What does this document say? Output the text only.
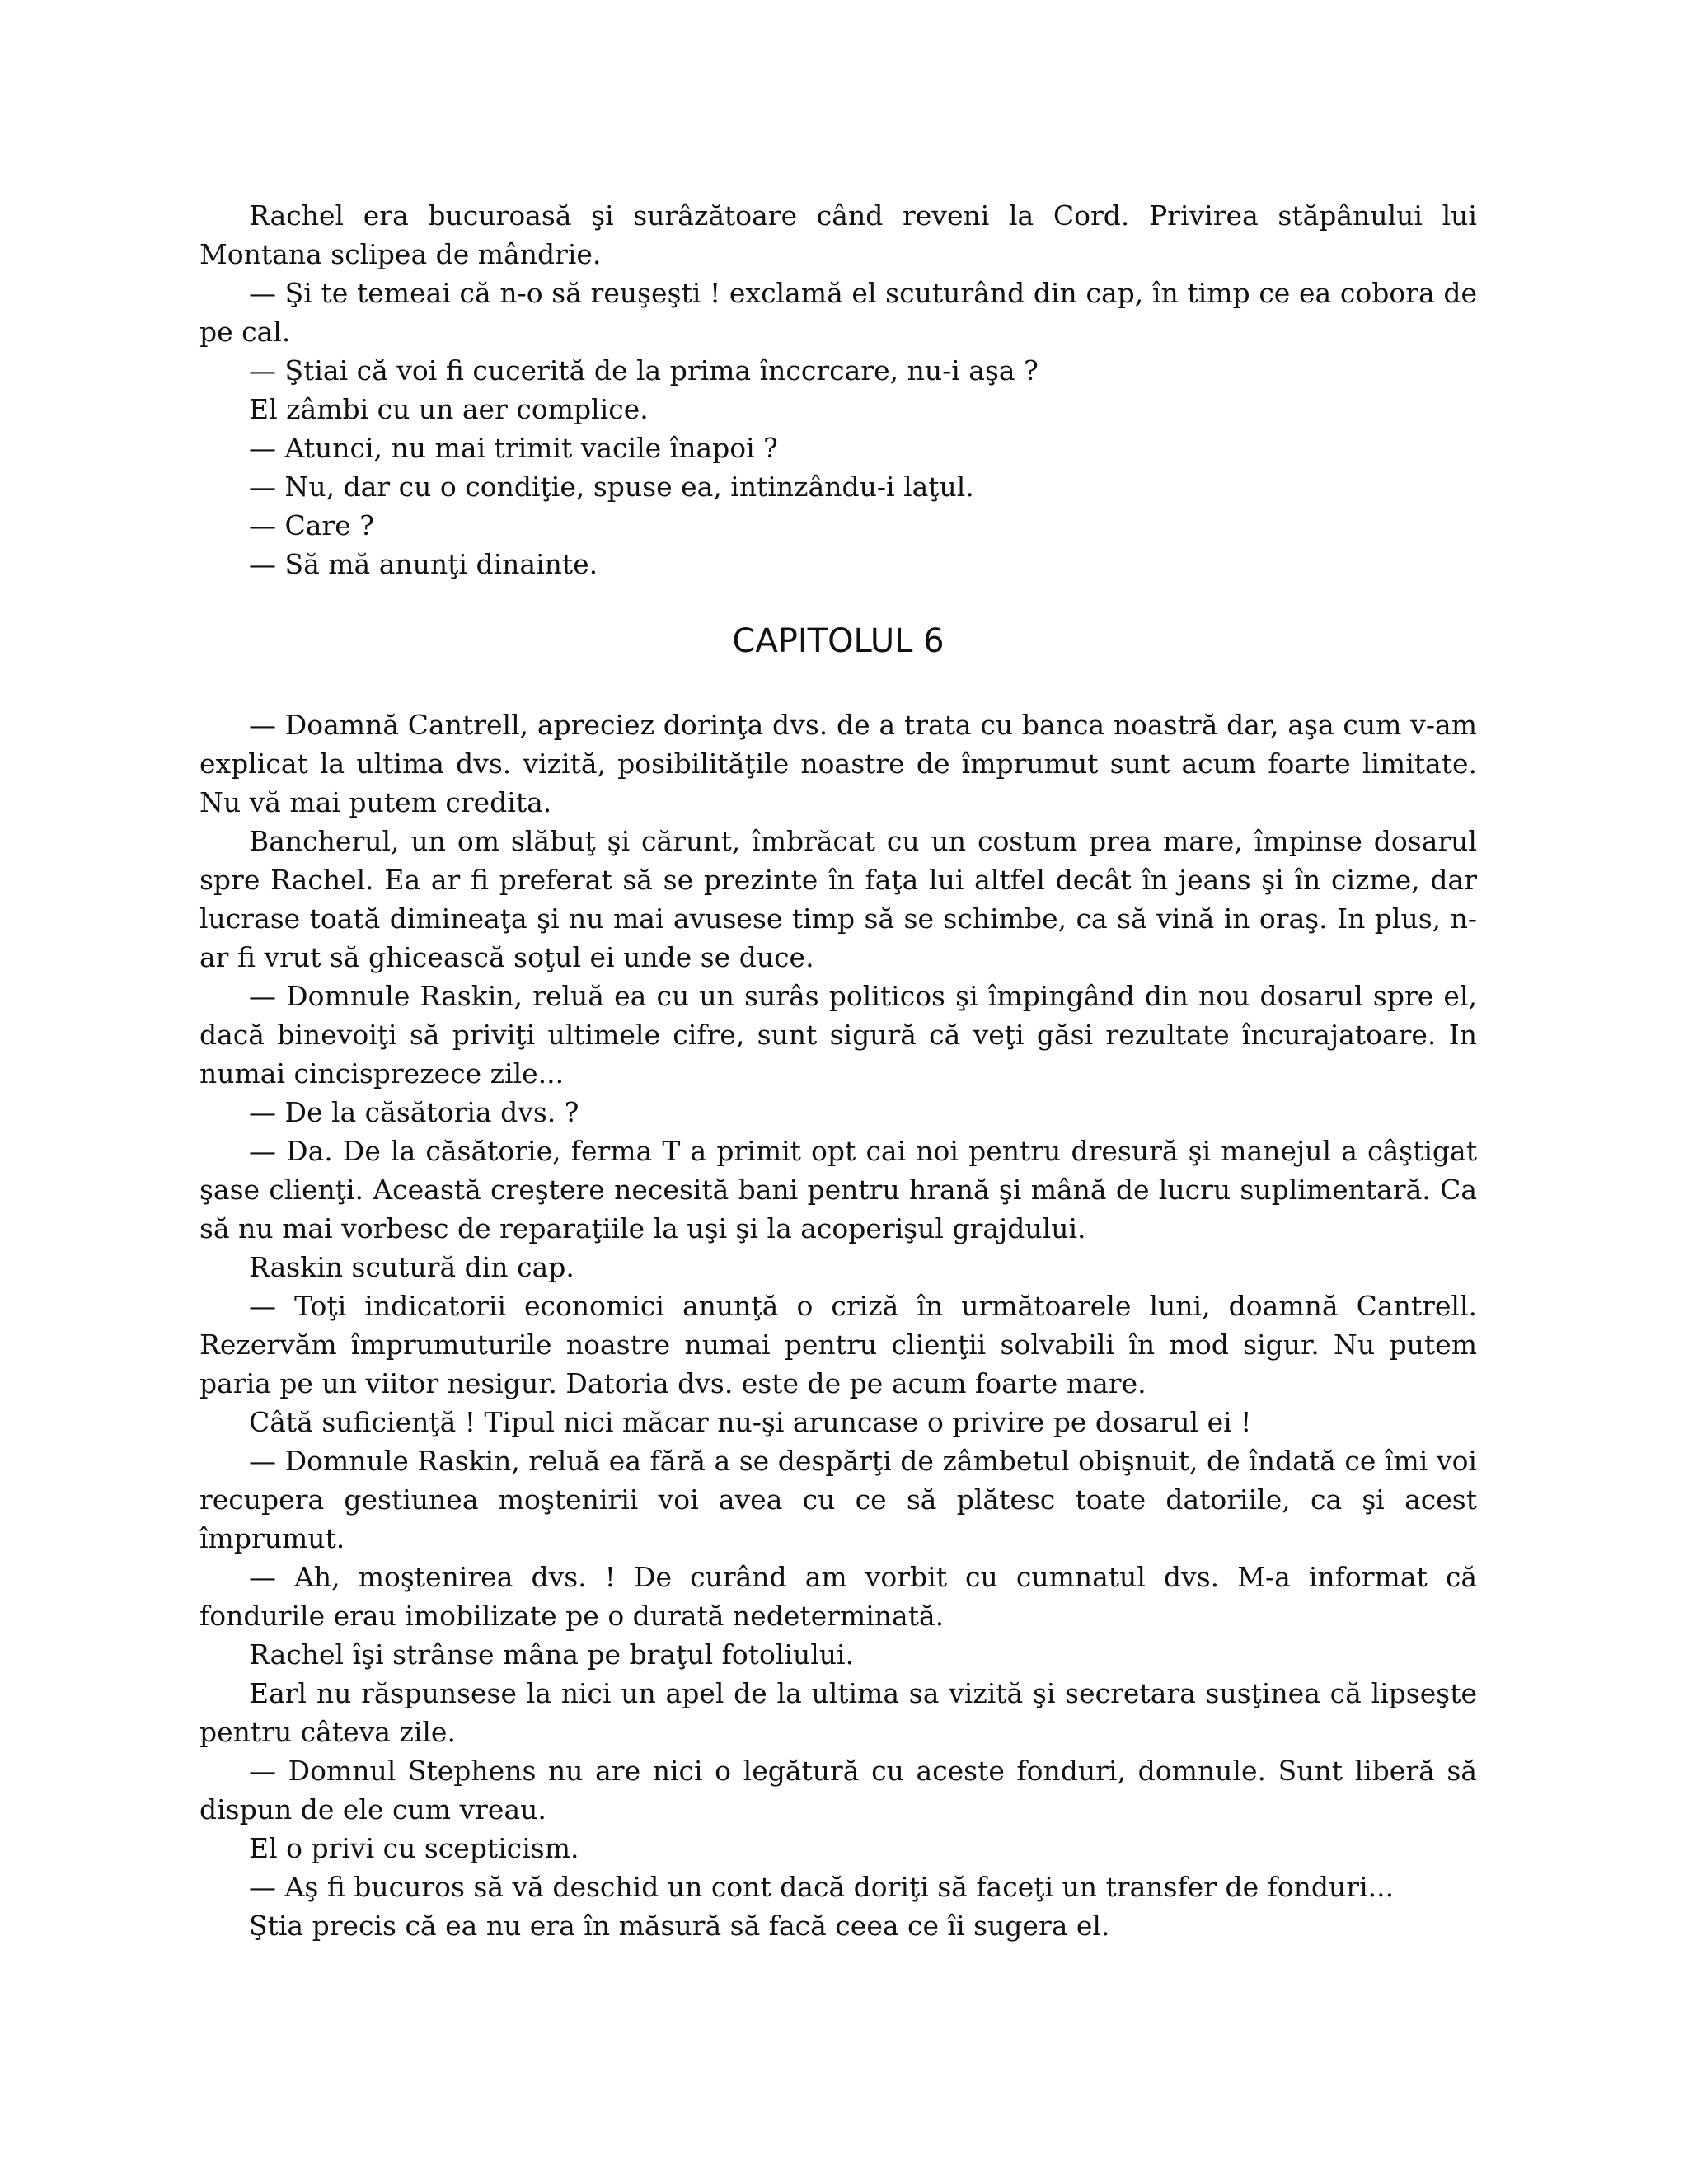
Rachel era bucuroasă şi surâzătoare când reveni la Cord. Privirea stăpânului lui Montana sclipea de mândrie.

— Şi te temeai că n-o să reuşeşti ! exclamă el scuturând din cap, în timp ce ea cobora de pe cal.

— Ştiai că voi fi cucerită de la prima înccrcare, nu-i aşa ?

El zâmbi cu un aer complice.

— Atunci, nu mai trimit vacile înapoi ?

— Nu, dar cu o condiţie, spuse ea, intinzându-i laţul.

— Care ?

— Să mă anunţi dinainte.

CAPITOLUL 6

— Doamnă Cantrell, apreciez dorinţa dvs. de a trata cu banca noastră dar, aşa cum v-am explicat la ultima dvs. vizită, posibilităţile noastre de împrumut sunt acum foarte limitate. Nu vă mai putem credita.

Bancherul, un om slăbuţ şi cărunt, îmbrăcat cu un costum prea mare, împinse dosarul spre Rachel. Ea ar fi preferat să se prezinte în faţa lui altfel decât în jeans şi în cizme, dar lucrase toată dimineaţa şi nu mai avusese timp să se schimbe, ca să vină in oraş. In plus, n-ar fi vrut să ghicească soţul ei unde se duce.

— Domnule Raskin, reluă ea cu un surâs politicos şi împingând din nou dosarul spre el, dacă binevoiţi să priviţi ultimele cifre, sunt sigură că veţi găsi rezultate încurajatoare. In numai cincisprezece zile...

— De la căsătoria dvs. ?

— Da. De la căsătorie, ferma T a primit opt cai noi pentru dresură şi manejul a câştigat şase clienţi. Această creştere necesită bani pentru hrană şi mână de lucru suplimentară. Ca să nu mai vorbesc de reparaţiile la uşi şi la acoperişul grajdului.

Raskin scutură din cap.

— Toţi indicatorii economici anunţă o criză în următoarele luni, doamnă Cantrell. Rezervăm împrumuturile noastre numai pentru clienţii solvabili în mod sigur. Nu putem paria pe un viitor nesigur. Datoria dvs. este de pe acum foarte mare.

Câtă suficienţă ! Tipul nici măcar nu-şi aruncase o privire pe dosarul ei !

— Domnule Raskin, reluă ea fără a se despărţi de zâmbetul obişnuit, de îndată ce îmi voi recupera gestiunea moştenirii voi avea cu ce să plătesc toate datoriile, ca şi acest împrumut.

— Ah, moştenirea dvs. ! De curând am vorbit cu cumnatul dvs. M-a informat că fondurile erau imobilizate pe o durată nedeterminată.

Rachel îşi strânse mâna pe braţul fotoliului.

Earl nu răspunsese la nici un apel de la ultima sa vizită şi secretara susţinea că lipseşte pentru câteva zile.

— Domnul Stephens nu are nici o legătură cu aceste fonduri, domnule. Sunt liberă să dispun de ele cum vreau.

El o privi cu scepticism.

— Aş fi bucuros să vă deschid un cont dacă doriţi să faceţi un transfer de fonduri...

Ştia precis că ea nu era în măsură să facă ceea ce îi sugera el.
